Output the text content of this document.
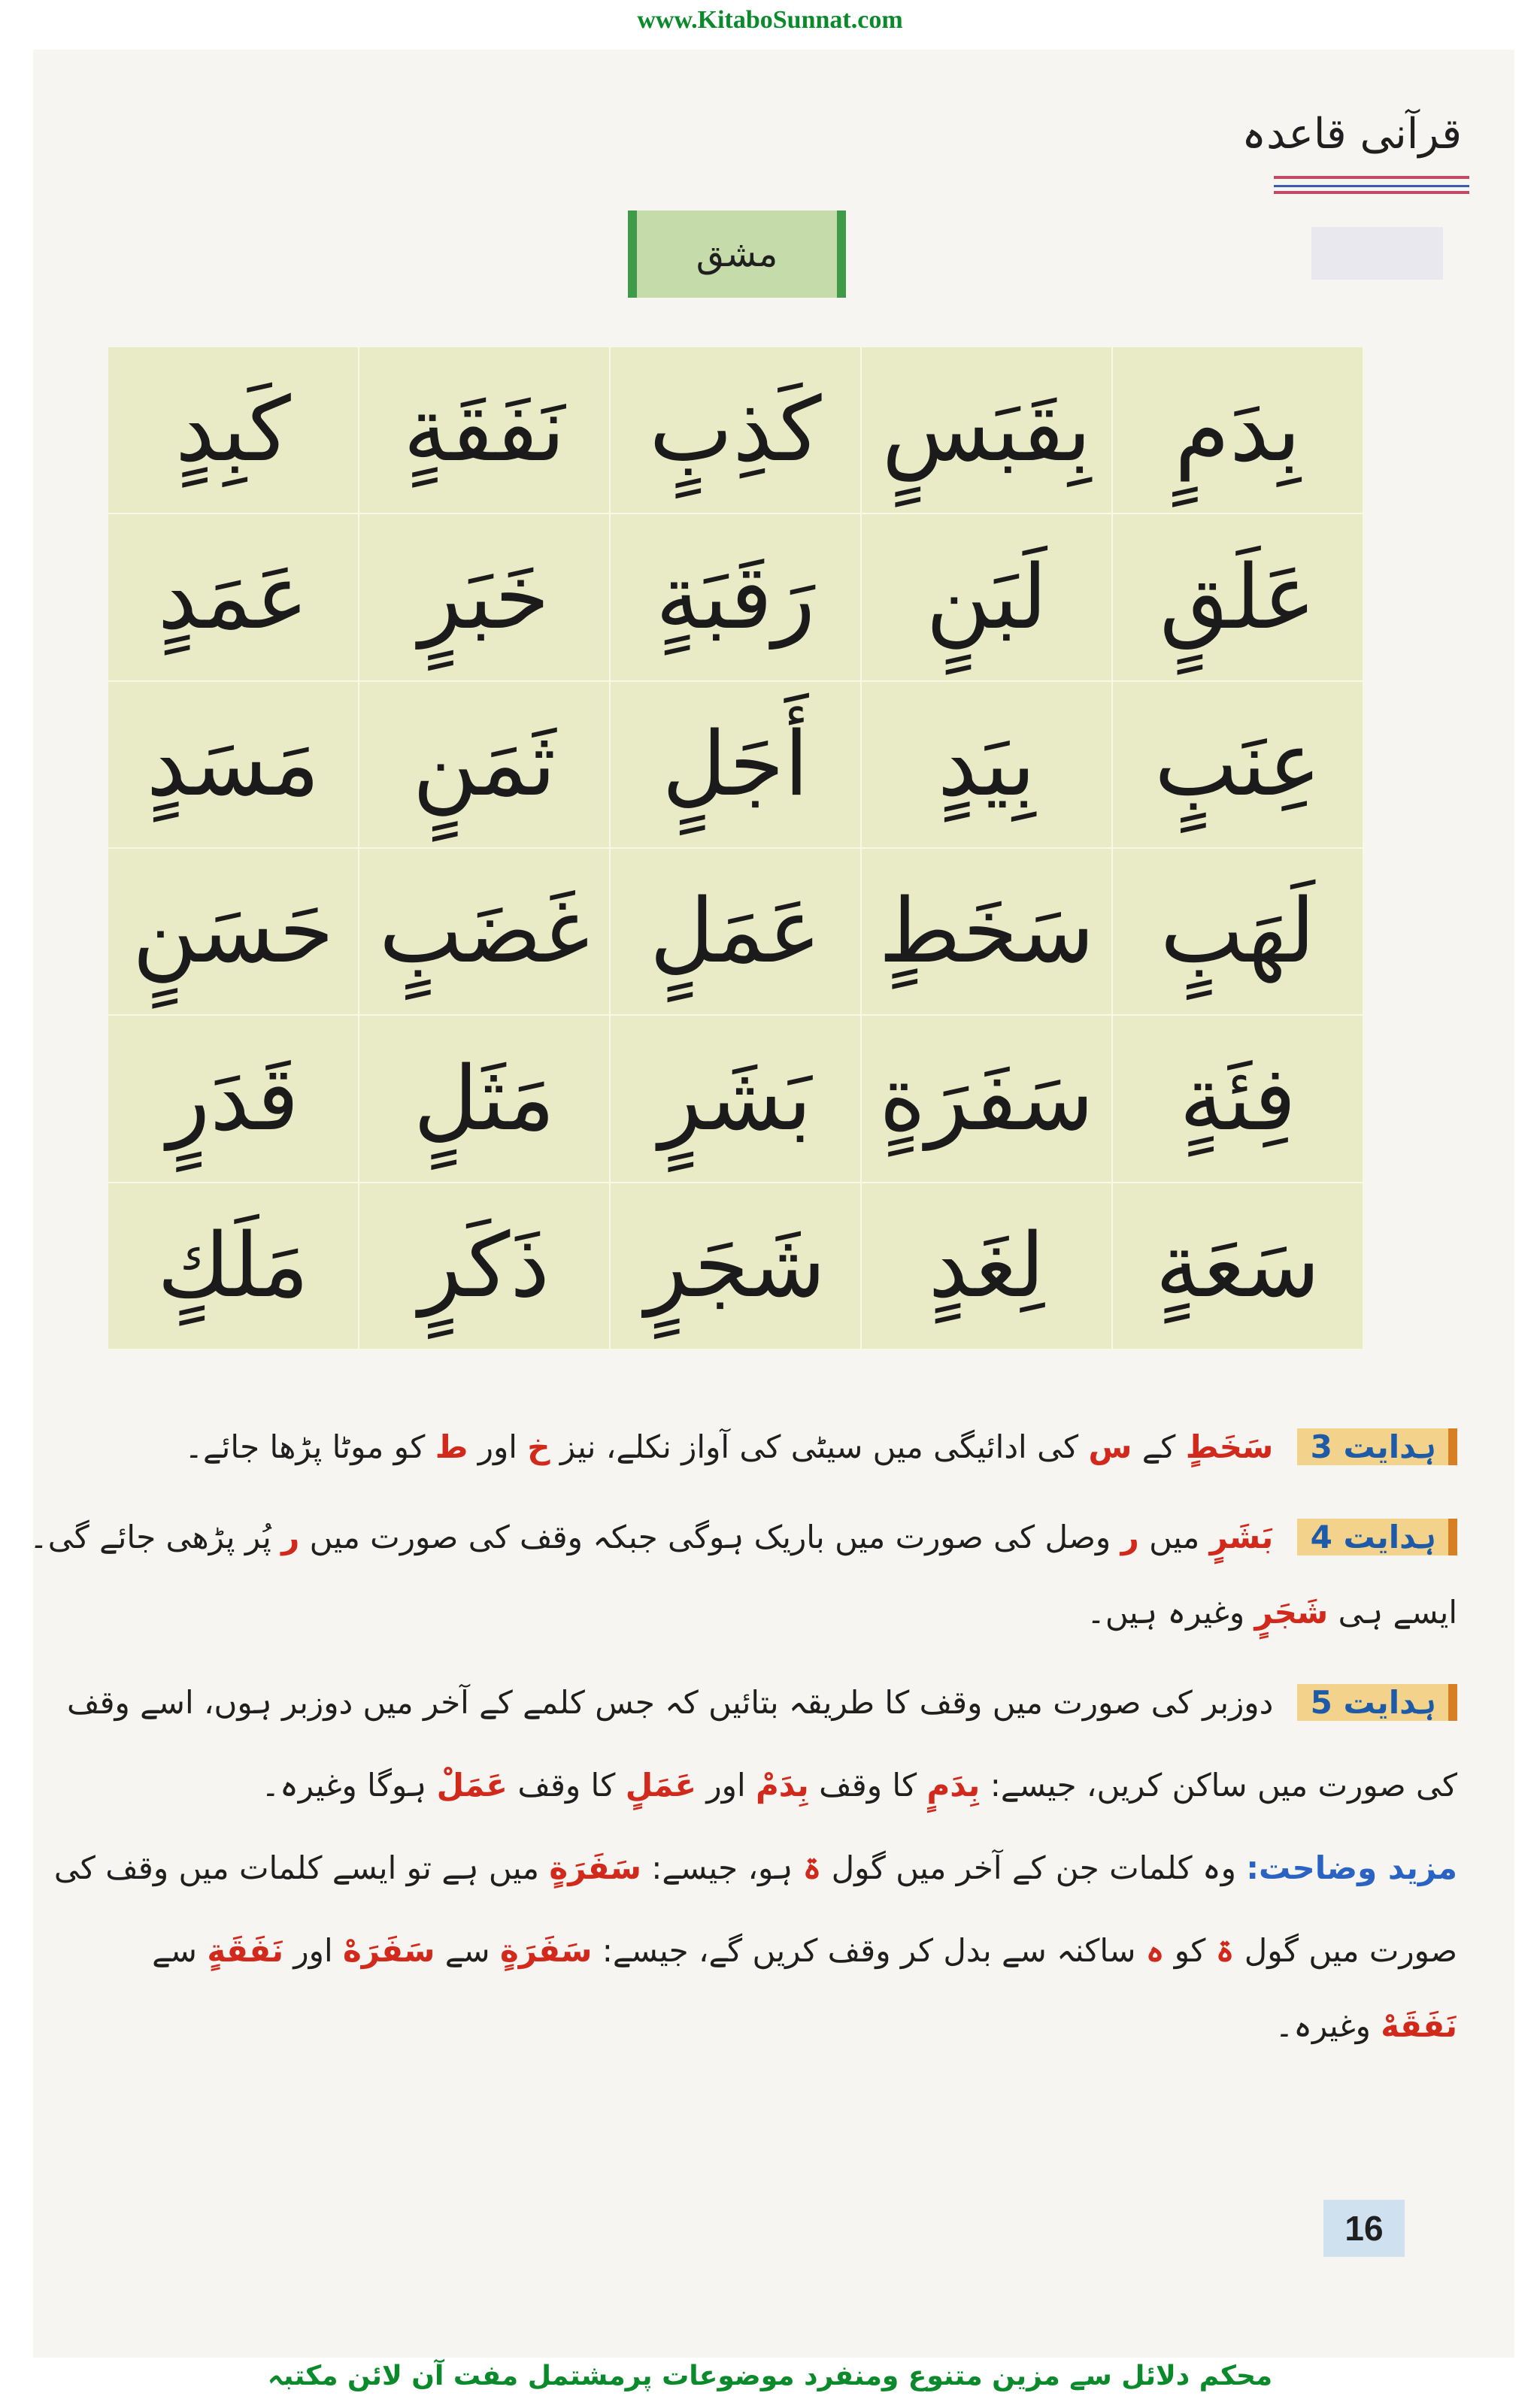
www.KitaboSunnat.com
قرآنی قاعدہ
مشق
بِدَمٍ
بِقَبَسٍ
كَذِبٍ
نَفَقَةٍ
كَبِدٍ
عَلَقٍ
لَبَنٍ
رَقَبَةٍ
خَبَرٍ
عَمَدٍ
عِنَبٍ
بِيَدٍ
أَجَلٍ
ثَمَنٍ
مَسَدٍ
لَهَبٍ
سَخَطٍ
عَمَلٍ
غَضَبٍ
حَسَنٍ
فِئَةٍ
سَفَرَةٍ
بَشَرٍ
مَثَلٍ
قَدَرٍ
سَعَةٍ
لِغَدٍ
شَجَرٍ
ذَكَرٍ
مَلَكٍ
ہدایت 3 سَخَطٍ کے س کی ادائیگی میں سیٹی کی آواز نکلے، نیز خ اور ط کو موٹا پڑھا جائے۔
ہدایت 4 بَشَرٍ میں ر وصل کی صورت میں باریک ہوگی جبکہ وقف کی صورت میں ر پُر پڑھی جائے گی۔
ایسے ہی شَجَرٍ وغیرہ ہیں۔
ہدایت 5 دوزبر کی صورت میں وقف کا طریقہ بتائیں کہ جس کلمے کے آخر میں دوزبر ہوں، اسے وقف
کی صورت میں ساکن کریں، جیسے: بِدَمٍ کا وقف بِدَمْ اور عَمَلٍ کا وقف عَمَلْ ہوگا وغیرہ۔
مزید وضاحت: وہ کلمات جن کے آخر میں گول ۃ ہو، جیسے: سَفَرَةٍ میں ہے تو ایسے کلمات میں وقف کی
صورت میں گول ۃ کو ہ ساکنہ سے بدل کر وقف کریں گے، جیسے: سَفَرَةٍ سے سَفَرَهْ اور نَفَقَةٍ سے
نَفَقَهْ وغیرہ۔
16
محکم دلائل سے مزین متنوع ومنفرد موضوعات پرمشتمل مفت آن لائن مکتبہ
